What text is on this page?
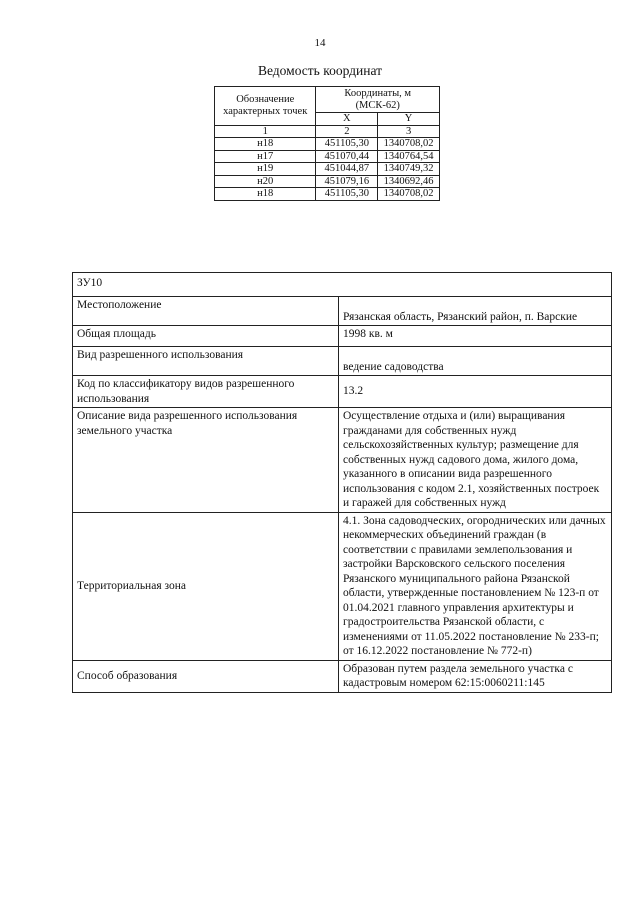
14
Ведомость координат
Обозначение характерных точек	Координаты, м (МСК-62)	
	X	Y
1	2	3
н18	451105,30	1340708,02
н17	451070,44	1340764,54
н19	451044,87	1340749,32
н20	451079,16	1340692,46
н18	451105,30	1340708,02
ЗУ10	
Местоположение	Рязанская область, Рязанский район, п. Варские
Общая площадь	1998 кв. м
Вид разрешенного использования	ведение садоводства
Код по классификатору видов разрешенного использования	13.2
Описание вида разрешенного использования земельного участка	Осуществление отдыха и (или) выращивания гражданами для собственных нужд сельскохозяйственных культур; размещение для собственных нужд садового дома, жилого дома, указанного в описании вида разрешенного использования с кодом 2.1, хозяйственных построек и гаражей для собственных нужд
Территориальная зона	4.1. Зона садоводческих, огороднических или дачных некоммерческих объединений граждан (в соответствии с правилами землепользования и застройки Варсковского сельского поселения Рязанского муниципального района Рязанской области, утвержденные постановлением № 123-п от 01.04.2021 главного управления архитектуры и градостроительства Рязанской области, с изменениями от 11.05.2022 постановление № 233-п; от 16.12.2022 постановление № 772-п)
Способ образования	Образован путем раздела земельного участка с кадастровым номером 62:15:0060211:145
